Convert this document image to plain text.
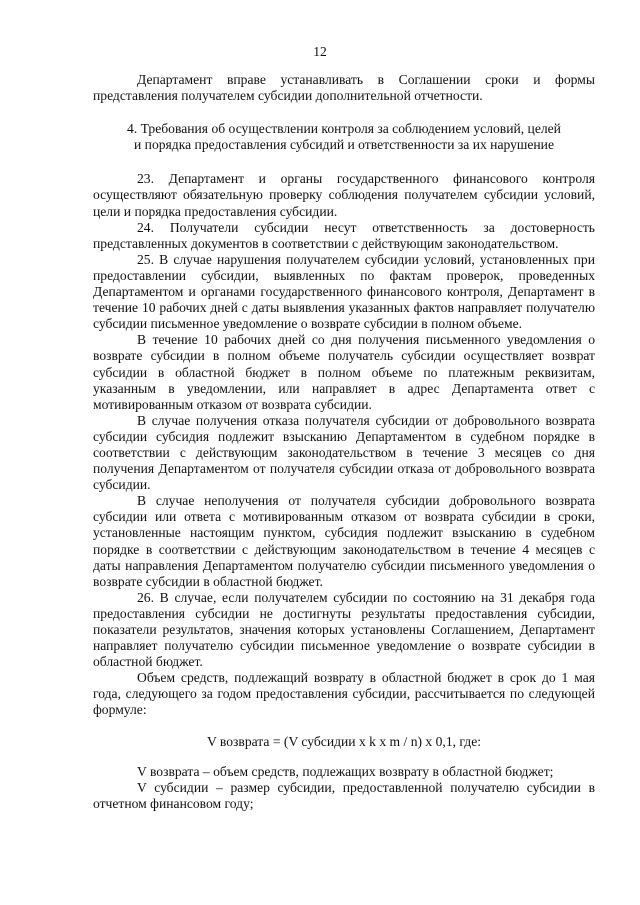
12

Департамент вправе устанавливать в Соглашении сроки и формы представления получателем субсидии дополнительной отчетности.

4. Требования об осуществлении контроля за соблюдением условий, целей
и порядка предоставления субсидий и ответственности за их нарушение

23. Департамент и органы государственного финансового контроля осуществляют обязательную проверку соблюдения получателем субсидии условий, цели и порядка предоставления субсидии.

24. Получатели субсидии несут ответственность за достоверность представленных документов в соответствии с действующим законодательством.

25. В случае нарушения получателем субсидии условий, установленных при предоставлении субсидии, выявленных по фактам проверок, проведенных Департаментом и органами государственного финансового контроля, Департамент в течение 10 рабочих дней с даты выявления указанных фактов направляет получателю субсидии письменное уведомление о возврате субсидии в полном объеме.

В течение 10 рабочих дней со дня получения письменного уведомления о возврате субсидии в полном объеме получатель субсидии осуществляет возврат субсидии в областной бюджет в полном объеме по платежным реквизитам, указанным в уведомлении, или направляет в адрес Департамента ответ с мотивированным отказом от возврата субсидии.

В случае получения отказа получателя субсидии от добровольного возврата субсидии субсидия подлежит взысканию Департаментом в судебном порядке в соответствии с действующим законодательством в течение 3 месяцев со дня получения Департаментом от получателя субсидии отказа от добровольного возврата субсидии.

В случае неполучения от получателя субсидии добровольного возврата субсидии или ответа с мотивированным отказом от возврата субсидии в сроки, установленные настоящим пунктом, субсидия подлежит взысканию в судебном порядке в соответствии с действующим законодательством в течение 4 месяцев с даты направления Департаментом получателю субсидии письменного уведомления о возврате субсидии в областной бюджет.

26. В случае, если получателем субсидии по состоянию на 31 декабря года предоставления субсидии не достигнуты результаты предоставления субсидии, показатели результатов, значения которых установлены Соглашением, Департамент направляет получателю субсидии письменное уведомление о возврате субсидии в областной бюджет.

Объем средств, подлежащий возврату в областной бюджет в срок до 1 мая года, следующего за годом предоставления субсидии, рассчитывается по следующей формуле:

V возврата = (V субсидии x k x m / n) x 0,1, где:

V возврата – объем средств, подлежащих возврату в областной бюджет;

V субсидии – размер субсидии, предоставленной получателю субсидии в отчетном финансовом году;
